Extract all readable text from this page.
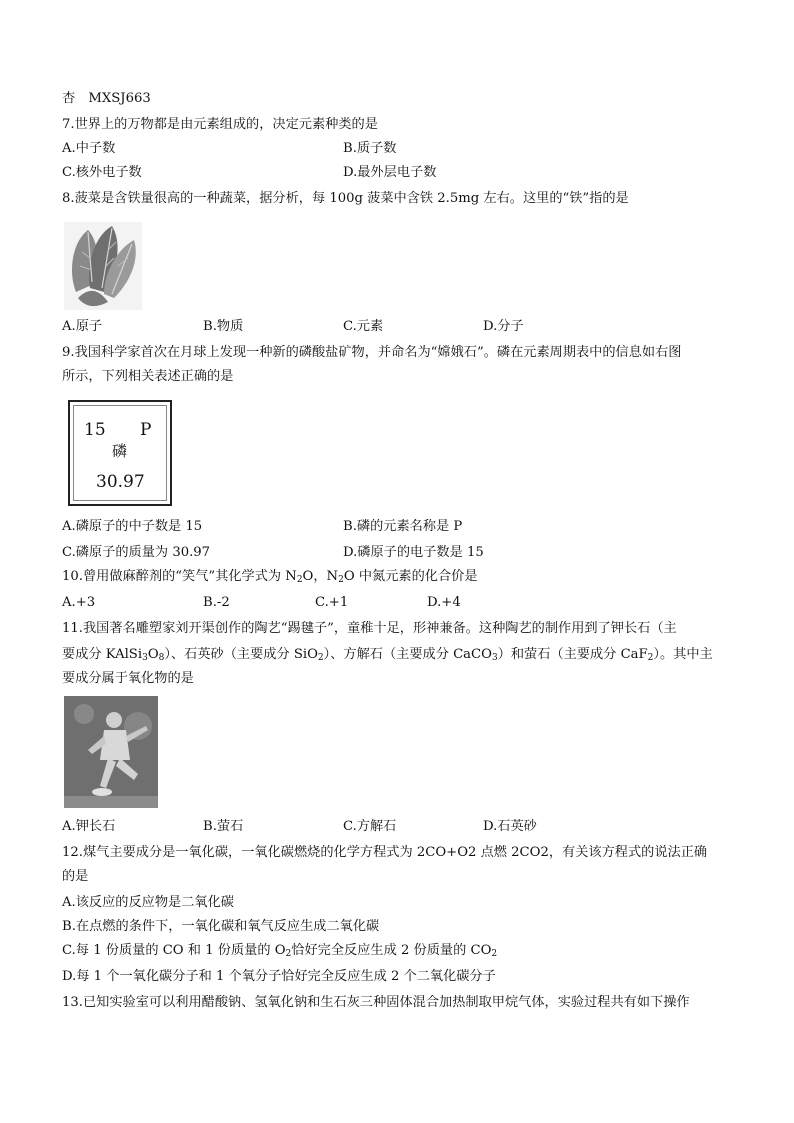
杏　MXSJ663
7.世界上的万物都是由元素组成的，决定元素种类的是
A.中子数	B.质子数
C.核外电子数	D.最外层电子数
8.菠菜是含铁量很高的一种蔬菜，据分析，每 100g 菠菜中含铁 2.5mg 左右。这里的“铁”指的是
A.原子	B.物质	C.元素	D.分子
9.我国科学家首次在月球上发现一种新的磷酸盐矿物，并命名为“嫦娥石”。磷在元素周期表中的信息如右图
所示，下列相关表述正确的是
15 P
磷
30.97
A.磷原子的中子数是 15	B.磷的元素名称是 P
C.磷原子的质量为 30.97	D.磷原子的电子数是 15
10.曾用做麻醉剂的“笑气”其化学式为 $N_2O$，$N_2O$ 中氮元素的化合价是
A.+3	B.-2	C.+1	D.+4
11.我国著名雕塑家刘开渠创作的陶艺“踢毽子”，童稚十足，形神兼备。这种陶艺的制作用到了钾长石（主
要成分 $KAlSi_3O_8$）、石英砂（主要成分 SiO$_2$）、方解石（主要成分 CaCO$_3$）和萤石（主要成分 CaF$_2$）。其中主
要成分属于氧化物的是
A.钾长石	B.萤石	C.方解石	D.石英砂
12.煤气主要成分是一氧化碳，一氧化碳燃烧的化学方程式为 2CO+O2 点燃 2CO2，有关该方程式的说法正确
的是
A.该反应的反应物是二氧化碳
B.在点燃的条件下，一氧化碳和氧气反应生成二氧化碳
C.每 1 份质量的 CO 和 1 份质量的 $O_2$恰好完全反应生成 2 份质量的 $CO_2$
D.每 1 个一氧化碳分子和 1 个氧分子恰好完全反应生成 2 个二氧化碳分子
13.已知实验室可以利用醋酸钠、氢氧化钠和生石灰三种固体混合加热制取甲烷气体，实验过程共有如下操作
